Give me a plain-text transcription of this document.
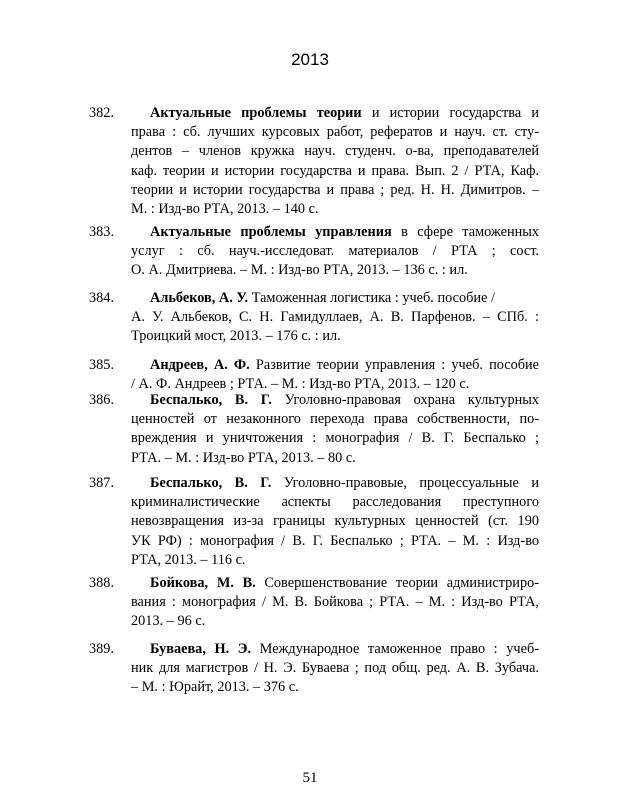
2013
382.	Актуальные проблемы теории и истории государства и
права : сб. лучших курсовых работ, рефератов и науч. ст. сту-
дентов – членов кружка науч. студенч. о-ва, преподавателей
каф. теории и истории государства и права. Вып. 2 / РТА, Каф.
теории и истории государства и права ; ред. Н. Н. Димитров. –
М. : Изд-во РТА, 2013. – 140 с.
383.	Актуальные проблемы управления в сфере таможенных
услуг : сб. науч.-исследоват. материалов / РТА ; сост.
О. А. Дмитриева. – М. : Изд-во РТА, 2013. – 136 с. : ил.
384.	Альбеков, А. У. Таможенная логистика : учеб. пособие /
А. У. Альбеков, С. Н. Гамидуллаев, А. В. Парфенов. – СПб. :
Троицкий мост, 2013. – 176 с. : ил.
385.	Андреев, А. Ф. Развитие теории управления : учеб. пособие
/ А. Ф. Андреев ; РТА. – М. : Изд-во РТА, 2013. – 120 с.
386.	Беспалько, В. Г. Уголовно-правовая охрана культурных
ценностей от незаконного перехода права собственности, по-
вреждения и уничтожения : монография / В. Г. Беспалько ;
РТА. – М. : Изд-во РТА, 2013. – 80 с.
387.	Беспалько, В. Г. Уголовно-правовые, процессуальные и
криминалистические аспекты расследования преступного
невозвращения из-за границы культурных ценностей (ст. 190
УК РФ) : монография / В. Г. Беспалько ; РТА. – М. : Изд-во
РТА, 2013. – 116 с.
388.	Бойкова, М. В. Совершенствование теории администриро-
вания : монография / М. В. Бойкова ; РТА. – М. : Изд-во РТА,
2013. – 96 с.
389.	Буваева, Н. Э. Международное таможенное право : учеб-
ник для магистров / Н. Э. Буваева ; под общ. ред. А. В. Зубача.
– М. : Юрайт, 2013. – 376 с.
51
